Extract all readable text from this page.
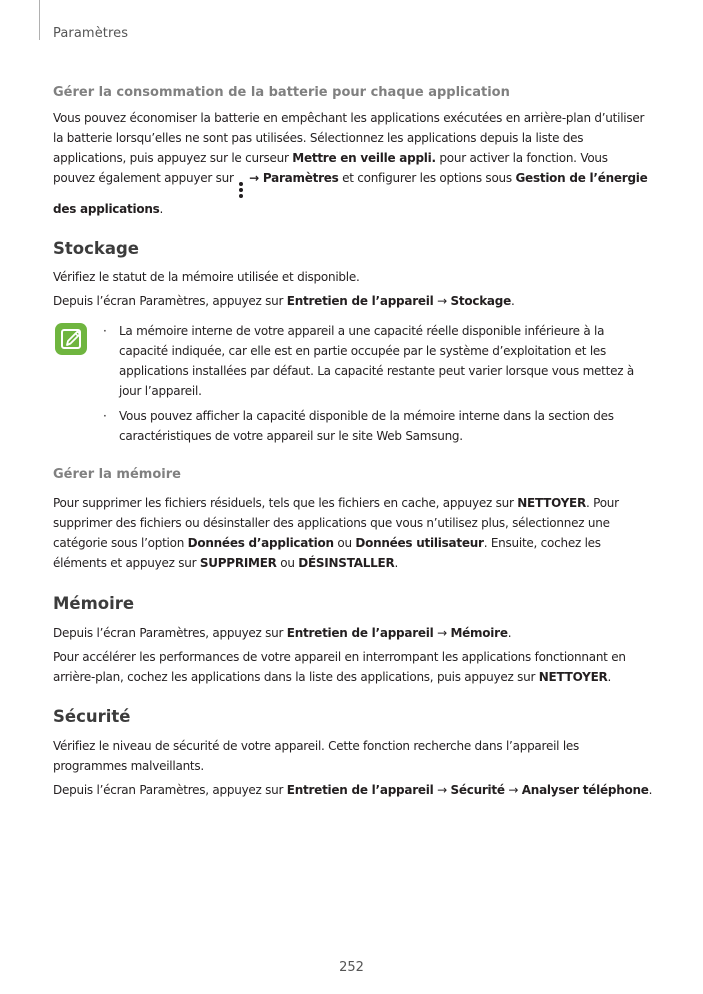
Paramètres
Gérer la consommation de la batterie pour chaque application

Vous pouvez économiser la batterie en empêchant les applications exécutées en arrière-plan d’utiliser la batterie lorsqu’elles ne sont pas utilisées. Sélectionnez les applications depuis la liste des applications, puis appuyez sur le curseur Mettre en veille appli. pour activer la fonction. Vous pouvez également appuyer sur
→ Paramètres et configurer les options sous Gestion de l’énergie des applications.

Stockage

Vérifiez le statut de la mémoire utilisée et disponible.

Depuis l’écran Paramètres, appuyez sur Entretien de l’appareil → Stockage.

· La mémoire interne de votre appareil a une capacité réelle disponible inférieure à la capacité indiquée, car elle est en partie occupée par le système d’exploitation et les applications installées par défaut. La capacité restante peut varier lorsque vous mettez à jour l’appareil.
· Vous pouvez afficher la capacité disponible de la mémoire interne dans la section des caractéristiques de votre appareil sur le site Web Samsung.
Gérer la mémoire

Pour supprimer les fichiers résiduels, tels que les fichiers en cache, appuyez sur NETTOYER. Pour supprimer des fichiers ou désinstaller des applications que vous n’utilisez plus, sélectionnez une catégorie sous l’option Données d’application ou Données utilisateur. Ensuite, cochez les éléments et appuyez sur SUPPRIMER ou DÉSINSTALLER.

Mémoire

Depuis l’écran Paramètres, appuyez sur Entretien de l’appareil → Mémoire.

Pour accélérer les performances de votre appareil en interrompant les applications fonctionnant en arrière-plan, cochez les applications dans la liste des applications, puis appuyez sur NETTOYER.

Sécurité

Vérifiez le niveau de sécurité de votre appareil. Cette fonction recherche dans l’appareil les programmes malveillants.

Depuis l’écran Paramètres, appuyez sur Entretien de l’appareil → Sécurité → Analyser téléphone.

252
